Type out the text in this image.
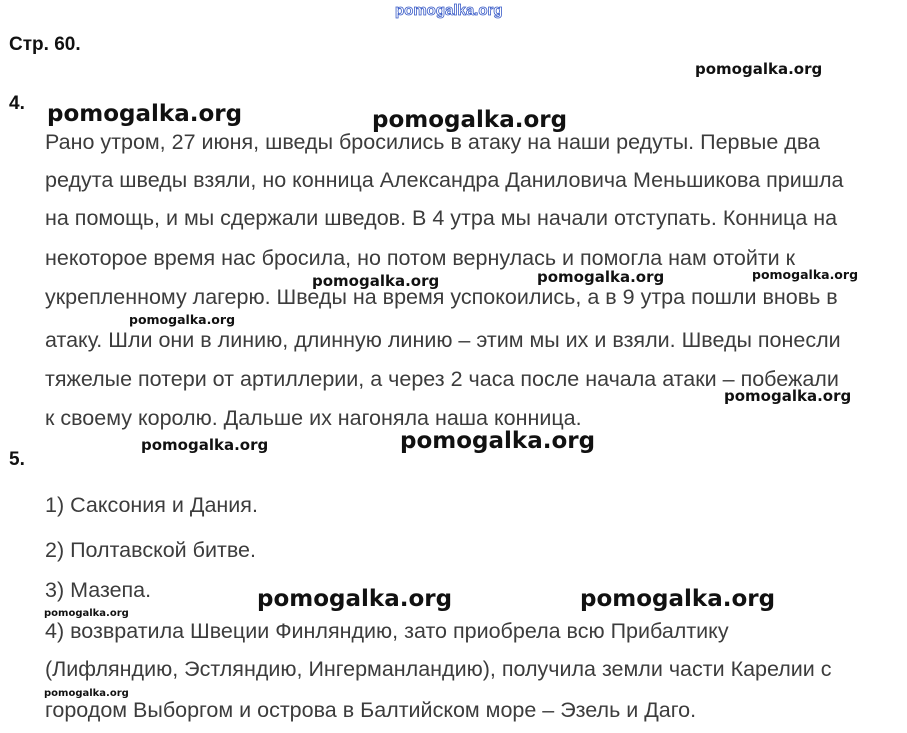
pomogalka.org
Стр. 60.
4.
Рано утром, 27 июня, шведы бросились в атаку на наши редуты. Первые два
редута шведы взяли, но конница Александра Даниловича Меньшикова пришла
на помощь, и мы сдержали шведов. В 4 утра мы начали отступать. Конница на
некоторое время нас бросила, но потом вернулась и помогла нам отойти к
укрепленному лагерю. Шведы на время успокоились, а в 9 утра пошли вновь в
атаку. Шли они в линию, длинную линию – этим мы их и взяли. Шведы понесли
тяжелые потери от артиллерии, а через 2 часа после начала атаки – побежали
к своему королю. Дальше их нагоняла наша конница.
5.
1) Саксония и Дания.
2) Полтавской битве.
3) Мазепа.
4) возвратила Швеции Финляндию, зато приобрела всю Прибалтику
(Лифляндию, Эстляндию, Ингерманландию), получила земли части Карелии с
городом Выборгом и острова в Балтийском море – Эзель и Даго.
pomogalka.org
pomogalka.org	pomogalka.org
pomogalka.org	pomogalka.org	pomogalka.org
pomogalka.org
pomogalka.org
pomogalka.org	pomogalka.org
pomogalka.org	pomogalka.org
pomogalka.org
pomogalka.org
